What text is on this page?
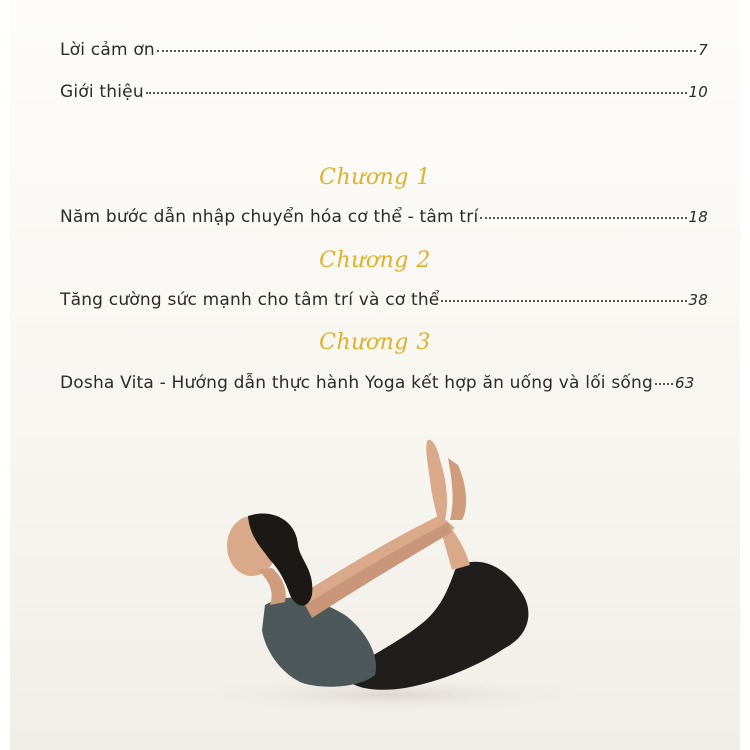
Lời cảm ơn	7
Giới thiệu	10
Chương 1
Năm bước dẫn nhập chuyển hóa cơ thể - tâm trí	18
Chương 2
Tăng cường sức mạnh cho tâm trí và cơ thể	38
Chương 3
Dosha Vita - Hướng dẫn thực hành Yoga kết hợp ăn uống và lối sống 63
